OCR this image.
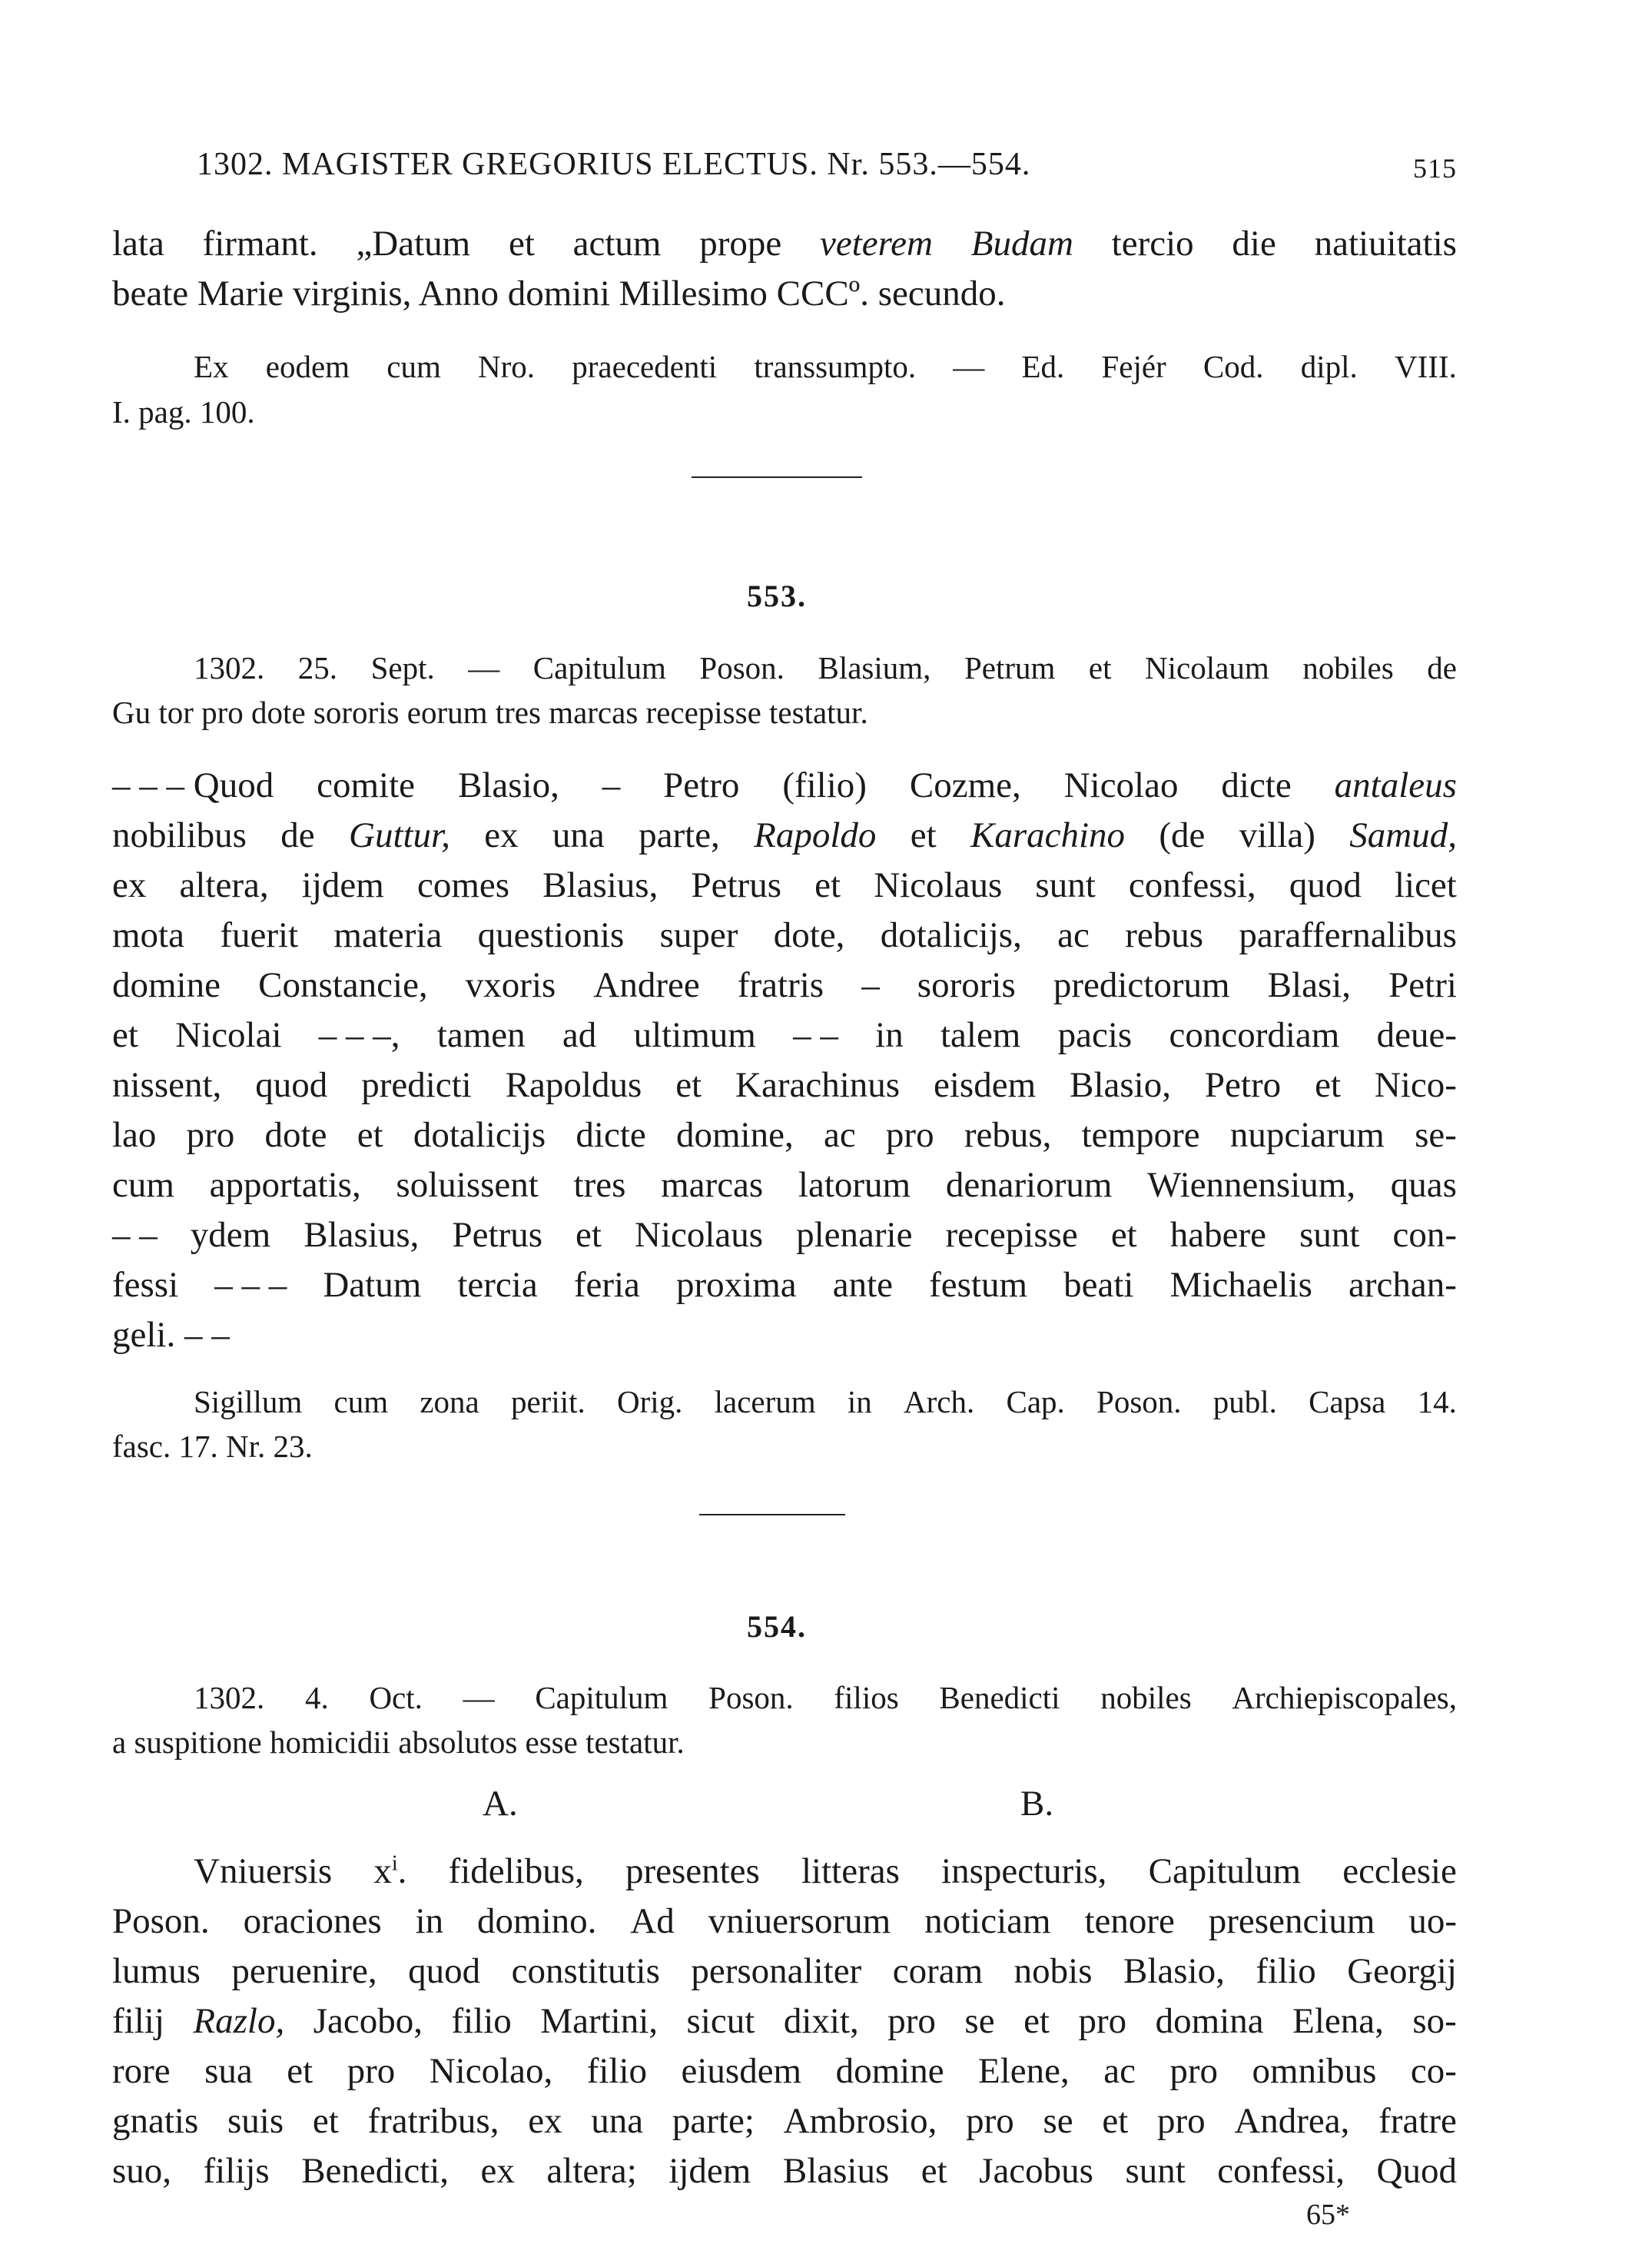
1302. MAGISTER GREGORIUS ELECTUS. Nr. 553.—554.	515
lata firmant. „Datum et actum prope veterem Budam tercio die natiuitatis
beate Marie virginis, Anno domini Millesimo CCCº. secundo.
Ex eodem cum Nro. praecedenti transsumpto. — Ed. Fejér Cod. dipl. VIII.
I. pag. 100.
553.
1302. 25. Sept. — Capitulum Poson. Blasium, Petrum et Nicolaum nobiles de
Gu tor pro dote sororis eorum tres marcas recepisse testatur.
– – – Quod comite Blasio, – Petro (filio) Cozme, Nicolao dicte antaleus
nobilibus de Guttur, ex una parte, Rapoldo et Karachino (de villa) Samud,
ex altera, ijdem comes Blasius, Petrus et Nicolaus sunt confessi, quod licet
mota fuerit materia questionis super dote, dotalicijs, ac rebus paraffernalibus
domine Constancie, vxoris Andree fratris – sororis predictorum Blasi, Petri
et Nicolai – – –, tamen ad ultimum – – in talem pacis concordiam deue-
nissent, quod predicti Rapoldus et Karachinus eisdem Blasio, Petro et Nico-
lao pro dote et dotalicijs dicte domine, ac pro rebus, tempore nupciarum se-
cum apportatis, soluissent tres marcas latorum denariorum Wiennensium, quas
– – ydem Blasius, Petrus et Nicolaus plenarie recepisse et habere sunt con-
fessi – – – Datum tercia feria proxima ante festum beati Michaelis archan-
geli. – –
Sigillum cum zona periit. Orig. lacerum in Arch. Cap. Poson. publ. Capsa 14.
fasc. 17. Nr. 23.
554.
1302. 4. Oct. — Capitulum Poson. filios Benedicti nobiles Archiepiscopales,
a suspitione homicidii absolutos esse testatur.
A.	B.
Vniuersis $x^i$. fidelibus, presentes litteras inspecturis, Capitulum ecclesie
Poson. oraciones in domino. Ad vniuersorum noticiam tenore presencium uo-
lumus peruenire, quod constitutis personaliter coram nobis Blasio, filio Georgij
filij Razlo, Jacobo, filio Martini, sicut dixit, pro se et pro domina Elena, so-
rore sua et pro Nicolao, filio eiusdem domine Elene, ac pro omnibus co-
gnatis suis et fratribus, ex una parte; Ambrosio, pro se et pro Andrea, fratre
suo, filijs Benedicti, ex altera; ijdem Blasius et Jacobus sunt confessi, Quod
65*
